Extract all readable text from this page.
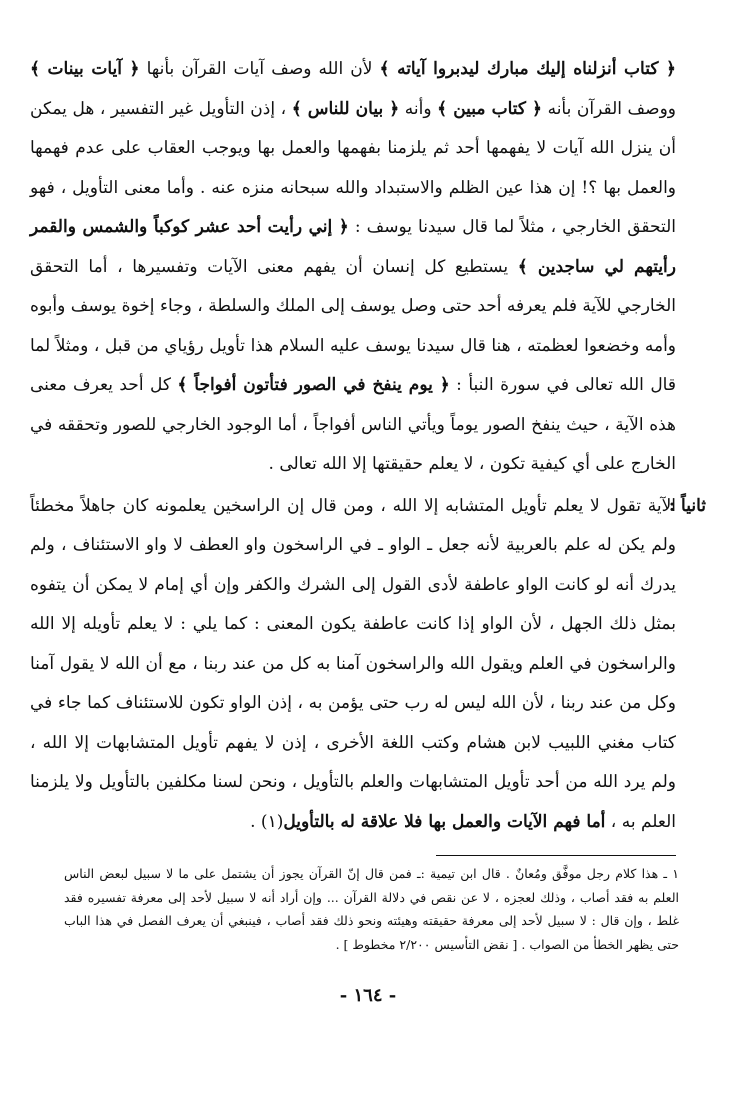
﴿ كتاب أنزلناه إليك مبارك ليدبروا آياته ﴾ لأن الله وصف آيات القرآن بأنها ﴿ آيات بينات ﴾ ووصف القرآن بأنه ﴿ كتاب مبين ﴾ وأنه ﴿ بيان للناس ﴾ ، إذن التأويل غير التفسير ، هل يمكن أن ينزل الله آيات لا يفهمها أحد ثم يلزمنا بفهمها والعمل بها ويوجب العقاب على عدم فهمها والعمل بها ؟! إن هذا عين الظلم والاستبداد والله سبحانه منزه عنه . وأما معنى التأويل ، فهو التحقق الخارجي ، مثلاً لما قال سيدنا يوسف : ﴿ إني رأيت أحد عشر كوكباً والشمس والقمر رأيتهم لي ساجدين ﴾ يستطيع كل إنسان أن يفهم معنى الآيات وتفسيرها ، أما التحقق الخارجي للآية فلم يعرفه أحد حتى وصل يوسف إلى الملك والسلطة ، وجاء إخوة يوسف وأبوه وأمه وخضعوا لعظمته ، هنا قال سيدنا يوسف عليه السلام هذا تأويل رؤياي من قبل ، ومثلاً لما قال الله تعالى في سورة النبأ : ﴿ يوم ينفخ في الصور فتأتون أفواجاً ﴾ كل أحد يعرف معنى هذه الآية ، حيث ينفخ الصور يوماً ويأتي الناس أفواجاً ، أما الوجود الخارجي للصور وتحققه في الخارج على أي كيفية تكون ، لا يعلم حقيقتها إلا الله تعالى .

ثانياً :

الآية تقول لا يعلم تأويل المتشابه إلا الله ، ومن قال إن الراسخين يعلمونه كان جاهلاً مخطئاً ولم يكن له علم بالعربية لأنه جعل ـ الواو ـ في الراسخون واو العطف لا واو الاستئناف ، ولم يدرك أنه لو كانت الواو عاطفة لأدى القول إلى الشرك والكفر وإن أي إمام لا يمكن أن يتفوه بمثل ذلك الجهل ، لأن الواو إذا كانت عاطفة يكون المعنى : كما يلي : لا يعلم تأويله إلا الله والراسخون في العلم ويقول الله والراسخون آمنا به كل من عند ربنا ، مع أن الله لا يقول آمنا وكل من عند ربنا ، لأن الله ليس له رب حتى يؤمن به ، إذن الواو تكون للاستئناف كما جاء في كتاب مغني اللبيب لابن هشام وكتب اللغة الأخرى ، إذن لا يفهم تأويل المتشابهات إلا الله ، ولم يرد الله من أحد تأويل المتشابهات والعلم بالتأويل ، ونحن لسنا مكلفين بالتأويل ولا يلزمنا العلم به ، أما فهم الآيات والعمل بها فلا علاقة له بالتأويل(١) .

١ ـ هذا كلام رجل موفَّق ومُعانٌ . قال ابن تيمية :ـ فمن قال إنّ القرآن يجوز أن يشتمل على ما لا سبيل لبعض الناس العلم به فقد أصاب ، وذلك لعجزه ، لا عن نقص في دلالة القرآن ... وإن أراد أنه لا سبيل لأحد إلى معرفة تفسيره فقد غلط ، وإن قال : لا سبيل لأحد إلى معرفة حقيقته وهيئته ونحو ذلك فقد أصاب ، فينبغي أن يعرف الفصل في هذا الباب حتى يظهر الخطأ من الصواب . [ نقض التأسيس ٢/٢٠٠ مخطوط ] .

- ١٦٤ -
